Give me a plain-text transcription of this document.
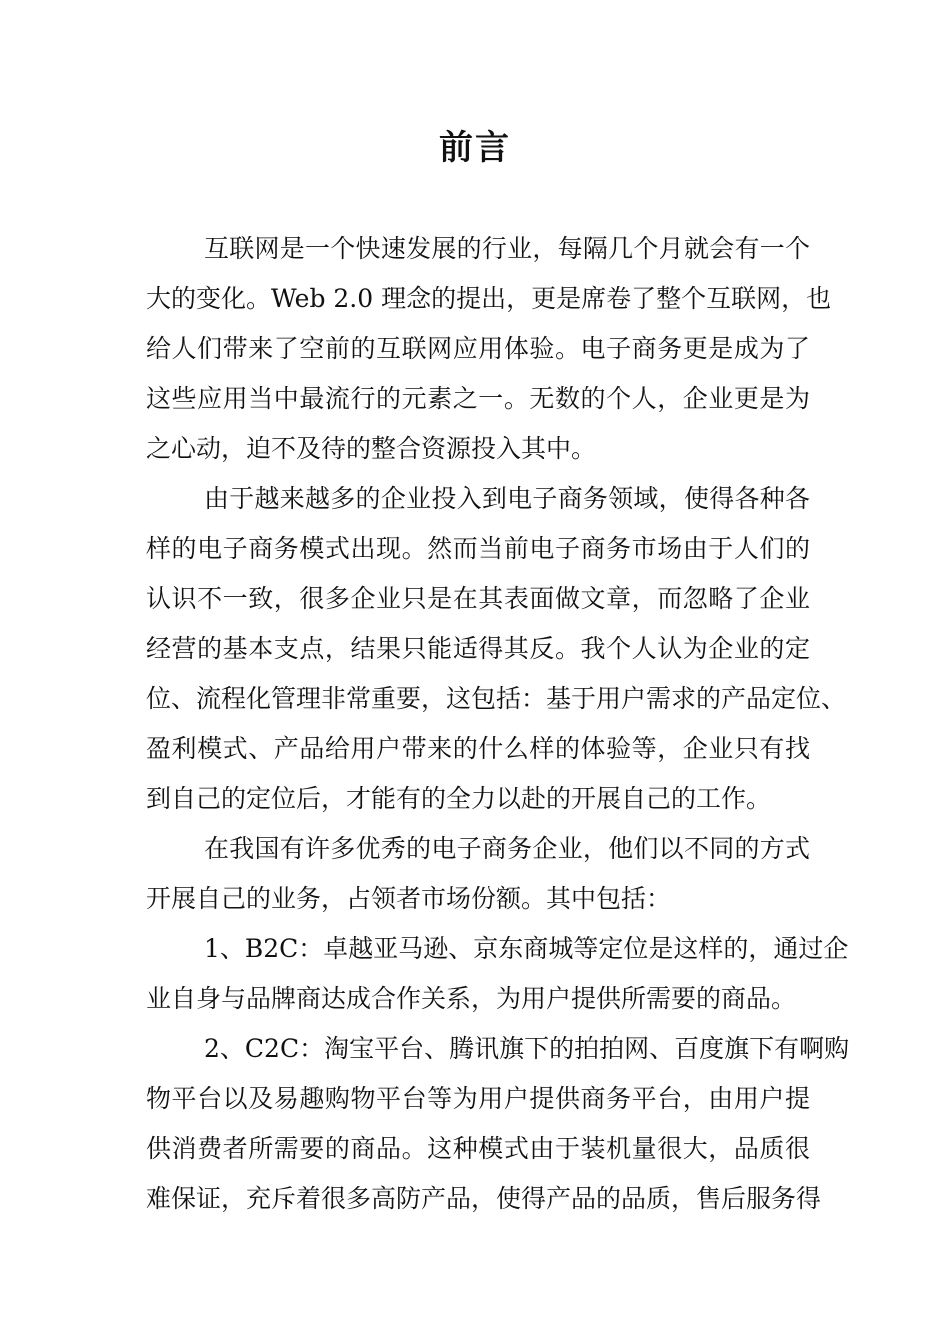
前言
互联网是一个快速发展的行业，每隔几个月就会有一个
大的变化。Web 2.0 理念的提出，更是席卷了整个互联网，也
给人们带来了空前的互联网应用体验。电子商务更是成为了
这些应用当中最流行的元素之一。无数的个人，企业更是为
之心动，迫不及待的整合资源投入其中。
由于越来越多的企业投入到电子商务领域，使得各种各
样的电子商务模式出现。然而当前电子商务市场由于人们的
认识不一致，很多企业只是在其表面做文章，而忽略了企业
经营的基本支点，结果只能适得其反。我个人认为企业的定
位、流程化管理非常重要，这包括：基于用户需求的产品定位、
盈利模式、产品给用户带来的什么样的体验等，企业只有找
到自己的定位后，才能有的全力以赴的开展自己的工作。
在我国有许多优秀的电子商务企业，他们以不同的方式
开展自己的业务，占领者市场份额。其中包括：
1、B2C：卓越亚马逊、京东商城等定位是这样的，通过企
业自身与品牌商达成合作关系，为用户提供所需要的商品。
2、C2C：淘宝平台、腾讯旗下的拍拍网、百度旗下有啊购
物平台以及易趣购物平台等为用户提供商务平台，由用户提
供消费者所需要的商品。这种模式由于装机量很大，品质很
难保证，充斥着很多高防产品，使得产品的品质，售后服务得
